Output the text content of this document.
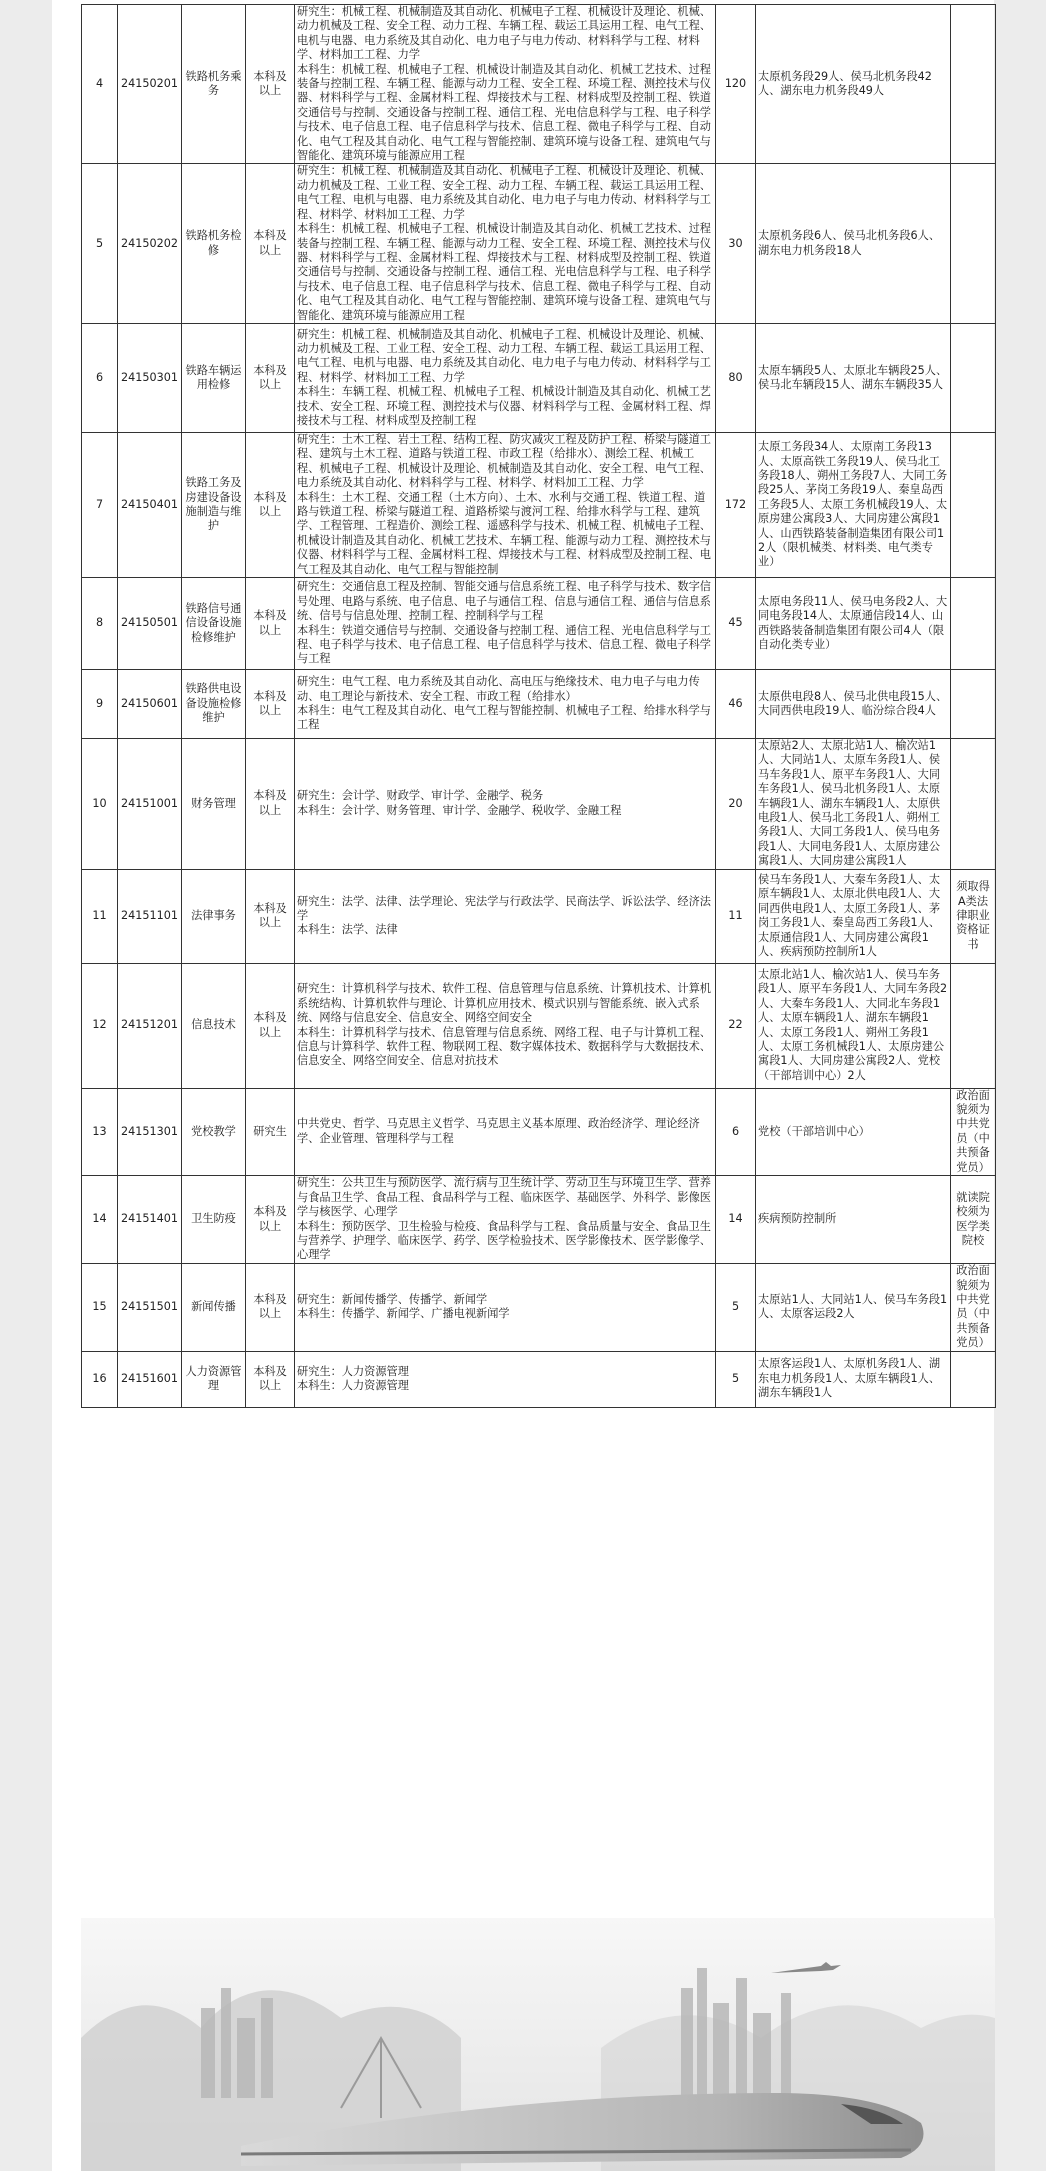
4	24150201	铁路机务乘务	本科及以上	研究生：机械工程、机械制造及其自动化、机械电子工程、机械设计及理论、机械、动力机械及工程、安全工程、动力工程、车辆工程、载运工具运用工程、电气工程、电机与电器、电力系统及其自动化、电力电子与电力传动、材料科学与工程、材料学、材料加工工程、力学
本科生：机械工程、机械电子工程、机械设计制造及其自动化、机械工艺技术、过程装备与控制工程、车辆工程、能源与动力工程、安全工程、环境工程、测控技术与仪器、材料科学与工程、金属材料工程、焊接技术与工程、材料成型及控制工程、铁道交通信号与控制、交通设备与控制工程、通信工程、光电信息科学与工程、电子科学与技术、电子信息工程、电子信息科学与技术、信息工程、微电子科学与工程、自动化、电气工程及其自动化、电气工程与智能控制、建筑环境与设备工程、建筑电气与智能化、建筑环境与能源应用工程	120	太原机务段29人、侯马北机务段42人、湖东电力机务段49人	
5	24150202	铁路机务检修	本科及以上	研究生：机械工程、机械制造及其自动化、机械电子工程、机械设计及理论、机械、动力机械及工程、工业工程、安全工程、动力工程、车辆工程、载运工具运用工程、电气工程、电机与电器、电力系统及其自动化、电力电子与电力传动、材料科学与工程、材料学、材料加工工程、力学
本科生：机械工程、机械电子工程、机械设计制造及其自动化、机械工艺技术、过程装备与控制工程、车辆工程、能源与动力工程、安全工程、环境工程、测控技术与仪器、材料科学与工程、金属材料工程、焊接技术与工程、材料成型及控制工程、铁道交通信号与控制、交通设备与控制工程、通信工程、光电信息科学与工程、电子科学与技术、电子信息工程、电子信息科学与技术、信息工程、微电子科学与工程、自动化、电气工程及其自动化、电气工程与智能控制、建筑环境与设备工程、建筑电气与智能化、建筑环境与能源应用工程	30	太原机务段6人、侯马北机务段6人、湖东电力机务段18人	
6	24150301	铁路车辆运用检修	本科及以上	研究生：机械工程、机械制造及其自动化、机械电子工程、机械设计及理论、机械、动力机械及工程、工业工程、安全工程、动力工程、车辆工程、载运工具运用工程、电气工程、电机与电器、电力系统及其自动化、电力电子与电力传动、材料科学与工程、材料学、材料加工工程、力学
本科生：车辆工程、机械工程、机械电子工程、机械设计制造及其自动化、机械工艺技术、安全工程、环境工程、测控技术与仪器、材料科学与工程、金属材料工程、焊接技术与工程、材料成型及控制工程	80	太原车辆段5人、太原北车辆段25人、侯马北车辆段15人、湖东车辆段35人	
7	24150401	铁路工务及房建设备设施制造与维护	本科及以上	研究生：土木工程、岩土工程、结构工程、防灾减灾工程及防护工程、桥梁与隧道工程、建筑与土木工程、道路与铁道工程、市政工程（给排水）、测绘工程、机械工程、机械电子工程、机械设计及理论、机械制造及其自动化、安全工程、电气工程、电力系统及其自动化、材料科学与工程、材料学、材料加工工程、力学
本科生：土木工程、交通工程（土木方向）、土木、水利与交通工程、铁道工程、道路与铁道工程、桥梁与隧道工程、道路桥梁与渡河工程、给排水科学与工程、建筑学、工程管理、工程造价、测绘工程、遥感科学与技术、机械工程、机械电子工程、机械设计制造及其自动化、机械工艺技术、车辆工程、能源与动力工程、测控技术与仪器、材料科学与工程、金属材料工程、焊接技术与工程、材料成型及控制工程、电气工程及其自动化、电气工程与智能控制	172	太原工务段34人、太原南工务段13人、太原高铁工务段19人、侯马北工务段18人、朔州工务段7人、大同工务段25人、茅岗工务段19人、秦皇岛西工务段5人、太原工务机械段19人、太原房建公寓段3人、大同房建公寓段1人、山西铁路装备制造集团有限公司12人（限机械类、材料类、电气类专业）	
8	24150501	铁路信号通信设备设施检修维护	本科及以上	研究生：交通信息工程及控制、智能交通与信息系统工程、电子科学与技术、数字信号处理、电路与系统、电子信息、电子与通信工程、信息与通信工程、通信与信息系统、信号与信息处理、控制工程、控制科学与工程
本科生：铁道交通信号与控制、交通设备与控制工程、通信工程、光电信息科学与工程、电子科学与技术、电子信息工程、电子信息科学与技术、信息工程、微电子科学与工程	45	太原电务段11人、侯马电务段2人、大同电务段14人、太原通信段14人、山西铁路装备制造集团有限公司4人（限自动化类专业）	
9	24150601	铁路供电设备设施检修维护	本科及以上	研究生：电气工程、电力系统及其自动化、高电压与绝缘技术、电力电子与电力传动、电工理论与新技术、安全工程、市政工程（给排水）
本科生：电气工程及其自动化、电气工程与智能控制、机械电子工程、给排水科学与工程	46	太原供电段8人、侯马北供电段15人、大同西供电段19人、临汾综合段4人	
10	24151001	财务管理	本科及以上	研究生：会计学、财政学、审计学、金融学、税务
本科生：会计学、财务管理、审计学、金融学、税收学、金融工程	20	太原站2人、太原北站1人、榆次站1人、大同站1人、太原车务段1人、侯马车务段1人、原平车务段1人、大同车务段1人、侯马北机务段1人、太原车辆段1人、湖东车辆段1人、太原供电段1人、侯马北工务段1人、朔州工务段1人、大同工务段1人、侯马电务段1人、大同电务段1人、太原房建公寓段1人、大同房建公寓段1人	
11	24151101	法律事务	本科及以上	研究生：法学、法律、法学理论、宪法学与行政法学、民商法学、诉讼法学、经济法学
本科生：法学、法律	11	侯马车务段1人、大秦车务段1人、太原车辆段1人、太原北供电段1人、大同西供电段1人、太原工务段1人、茅岗工务段1人、秦皇岛西工务段1人、太原通信段1人、大同房建公寓段1人、疾病预防控制所1人	须取得A类法律职业资格证书
12	24151201	信息技术	本科及以上	研究生：计算机科学与技术、软件工程、信息管理与信息系统、计算机技术、计算机系统结构、计算机软件与理论、计算机应用技术、模式识别与智能系统、嵌入式系统、网络与信息安全、信息安全、网络空间安全
本科生：计算机科学与技术、信息管理与信息系统、网络工程、电子与计算机工程、信息与计算科学、软件工程、物联网工程、数字媒体技术、数据科学与大数据技术、信息安全、网络空间安全、信息对抗技术	22	太原北站1人、榆次站1人、侯马车务段1人、原平车务段1人、大同车务段2人、大秦车务段1人、大同北车务段1人、太原车辆段1人、湖东车辆段1人、太原工务段1人、朔州工务段1人、太原工务机械段1人、太原房建公寓段1人、大同房建公寓段2人、党校（干部培训中心）2人	
13	24151301	党校教学	研究生	中共党史、哲学、马克思主义哲学、马克思主义基本原理、政治经济学、理论经济学、企业管理、管理科学与工程	6	党校（干部培训中心）	政治面貌须为中共党员（中共预备党员）
14	24151401	卫生防疫	本科及以上	研究生：公共卫生与预防医学、流行病与卫生统计学、劳动卫生与环境卫生学、营养与食品卫生学、食品工程、食品科学与工程、临床医学、基础医学、外科学、影像医学与核医学、心理学
本科生：预防医学、卫生检验与检疫、食品科学与工程、食品质量与安全、食品卫生与营养学、护理学、临床医学、药学、医学检验技术、医学影像技术、医学影像学、心理学	14	疾病预防控制所	就读院校须为医学类院校
15	24151501	新闻传播	本科及以上	研究生：新闻传播学、传播学、新闻学
本科生：传播学、新闻学、广播电视新闻学	5	太原站1人、大同站1人、侯马车务段1人、太原客运段2人	政治面貌须为中共党员（中共预备党员）
16	24151601	人力资源管理	本科及以上	研究生：人力资源管理
本科生：人力资源管理	5	太原客运段1人、太原机务段1人、湖东电力机务段1人、太原车辆段1人、湖东车辆段1人	
